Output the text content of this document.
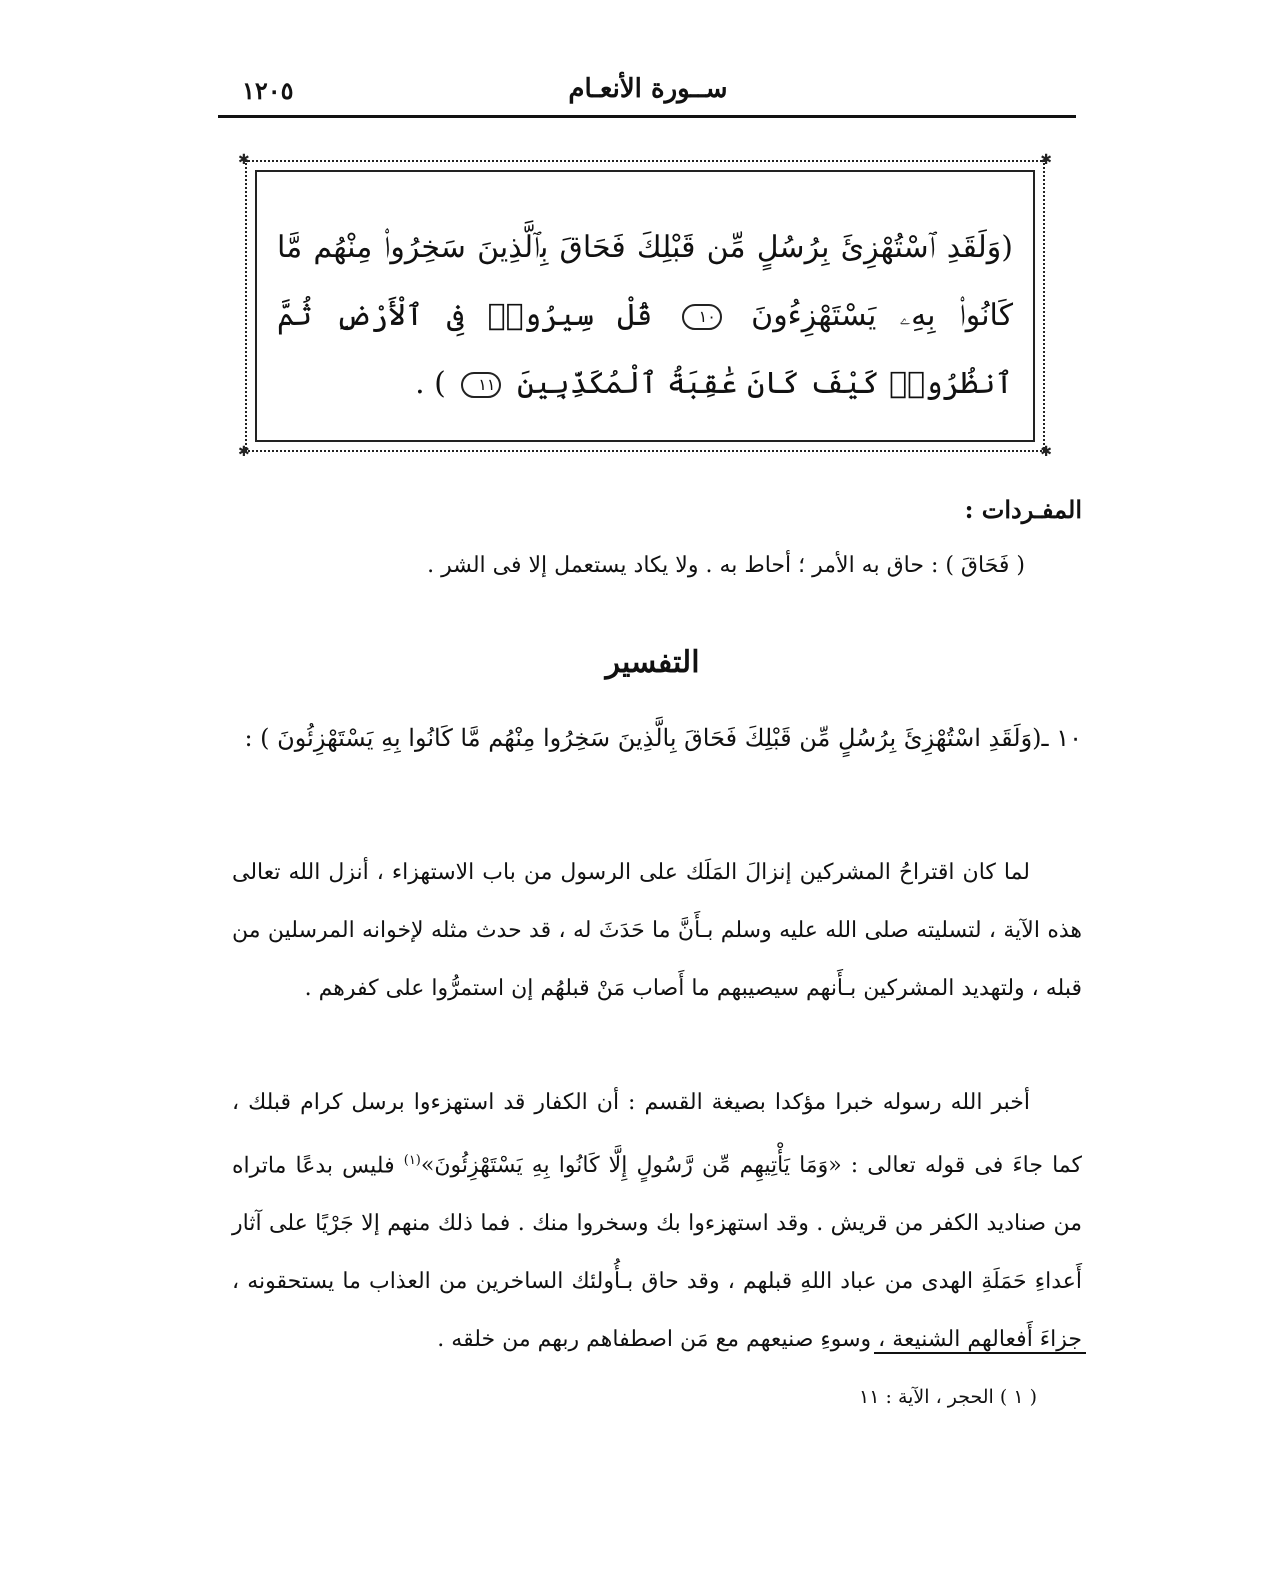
ســورة الأنعـام
١٢٠٥
✱	✱
✱	✱
(وَلَقَدِ ٱسْتُهْزِئَ بِرُسُلٍ مِّن قَبْلِكَ فَحَاقَ بِٱلَّذِينَ سَخِرُوا۟ مِنْهُم مَّا كَانُوا۟ بِهِۦ يَسْتَهْزِءُونَ ١٠ قُلْ سِيرُوا۟ فِى ٱلْأَرْضِ ثُمَّ ٱنظُرُوا۟ كَيْفَ كَانَ عَٰقِبَةُ ٱلْمُكَذِّبِينَ ١١ ) .
المفـردات :
( فَحَاقَ ) : حاق به الأمر ؛ أحاط به . ولا يكاد يستعمل إلا فى الشر .
التفسير
١٠ ـ(وَلَقَدِ اسْتُهْزِئَ بِرُسُلٍ مِّن قَبْلِكَ فَحَاقَ بِالَّذِينَ سَخِرُوا مِنْهُم مَّا كَانُوا بِهِ يَسْتَهْزِئُونَ ) :
لما كان اقتراحُ المشركين إنزالَ المَلَك على الرسول من باب الاستهزاء ، أنزل الله تعالى هذه الآية ، لتسليته صلى الله عليه وسلم بـأَنَّ ما حَدَثَ له ، قد حدث مثله لإخوانه المرسلين من قبله ، ولتهديد المشركين بـأَنهم سيصيبهم ما أَصاب مَنْ قبلهُم إن استمرُّوا على كفرهم .
أخبر الله رسوله خبرا مؤكدا بصيغة القسم : أن الكفار قد استهزءوا برسل كرام قبلك ، كما جاءَ فى قوله تعالى : «وَمَا يَأْتِيهِم مِّن رَّسُولٍ إِلَّا كَانُوا بِهِ يَسْتَهْزِئُونَ»$^{(١)}$ فليس بدعًا ماتراه من صناديد الكفر من قريش . وقد استهزءوا بك وسخروا منك . فما ذلك منهم إلا جَرْيًا على آثار أَعداءِ حَمَلَةِ الهدى من عباد اللهِ قبلهم ، وقد حاق بـأُولئك الساخرين من العذاب ما يستحقونه ، جزاءَ أَفعالهم الشنيعة ، وسوءِ صنيعهم مع مَن اصطفاهم ربهم من خلقه .
( ١ ) الحجر ، الآية : ١١
